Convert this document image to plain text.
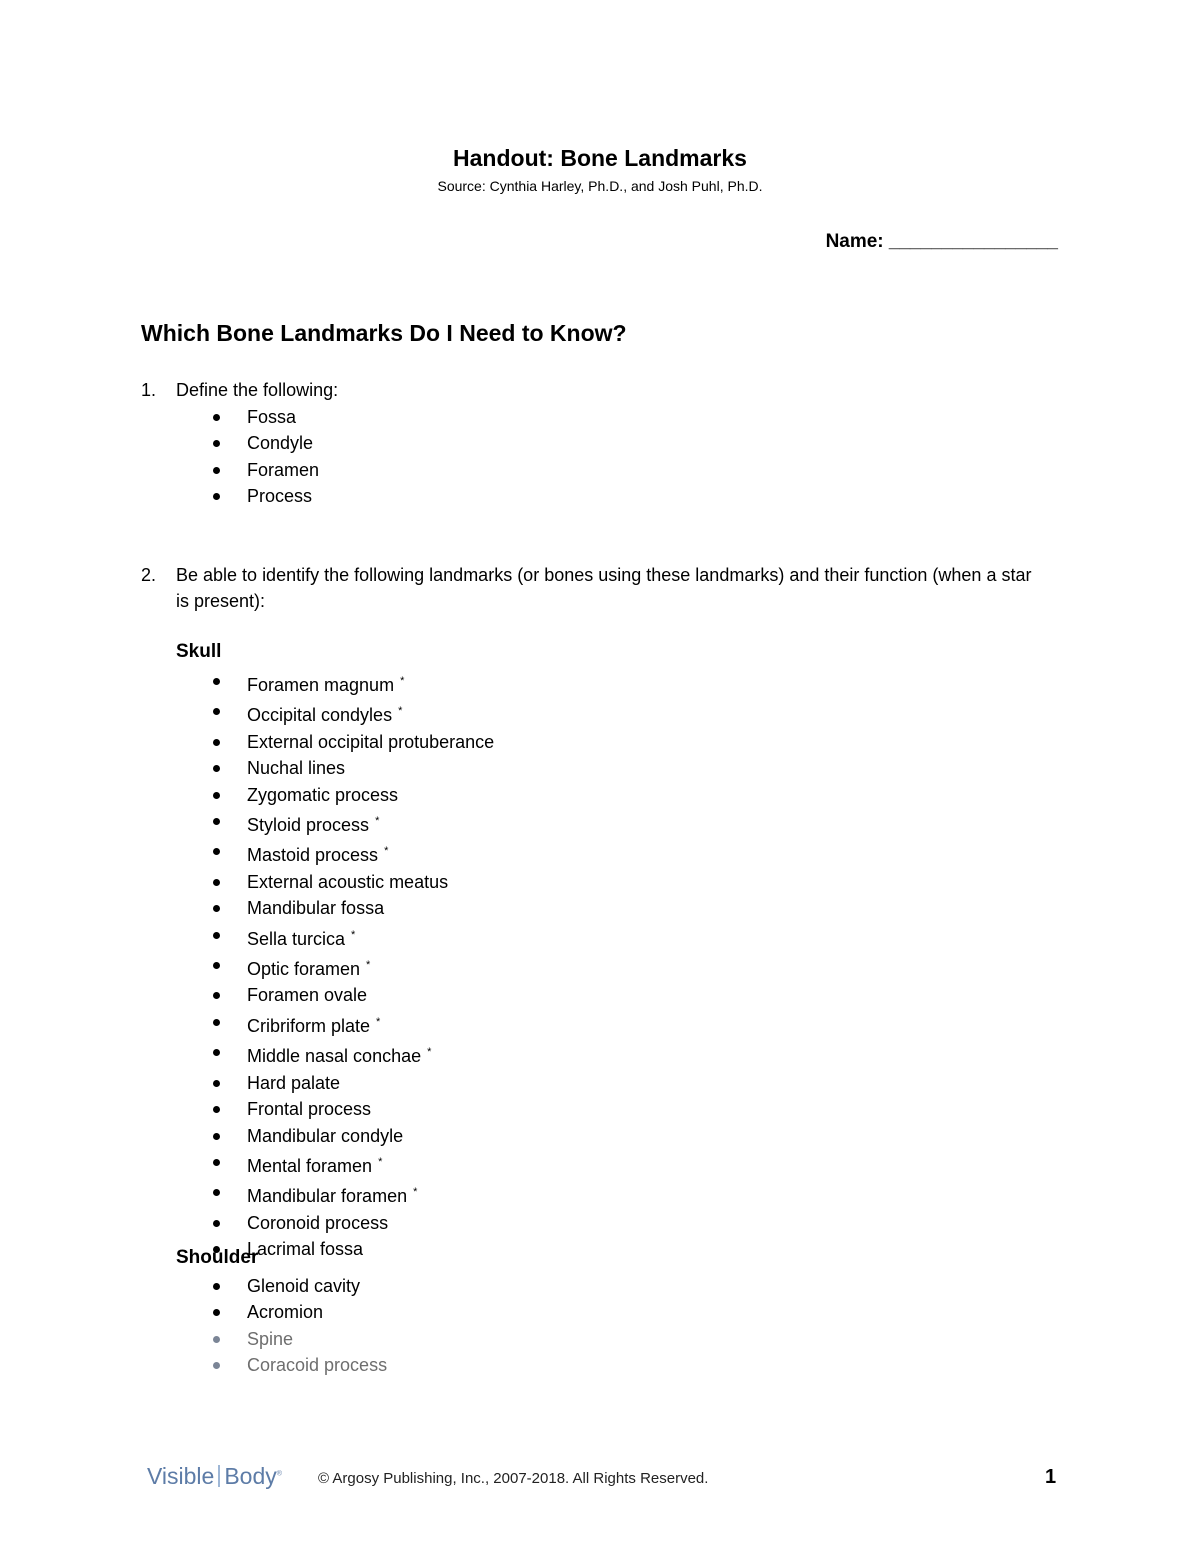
Handout: Bone Landmarks
Source: Cynthia Harley, Ph.D., and Josh Puhl, Ph.D.
Name: ________________
Which Bone Landmarks Do I Need to Know?
1. Define the following:
Fossa
Condyle
Foramen
Process
2. Be able to identify the following landmarks (or bones using these landmarks) and their function (when a star is present):
Skull
Foramen magnum *
Occipital condyles *
External occipital protuberance
Nuchal lines
Zygomatic process
Styloid process *
Mastoid process *
External acoustic meatus
Mandibular fossa
Sella turcica *
Optic foramen *
Foramen ovale
Cribriform plate *
Middle nasal conchae *
Hard palate
Frontal process
Mandibular condyle
Mental foramen *
Mandibular foramen *
Coronoid process
Lacrimal fossa
Shoulder
Glenoid cavity
Acromion
Spine
Coracoid process
Visible Body® © Argosy Publishing, Inc., 2007-2018. All Rights Reserved.	1
